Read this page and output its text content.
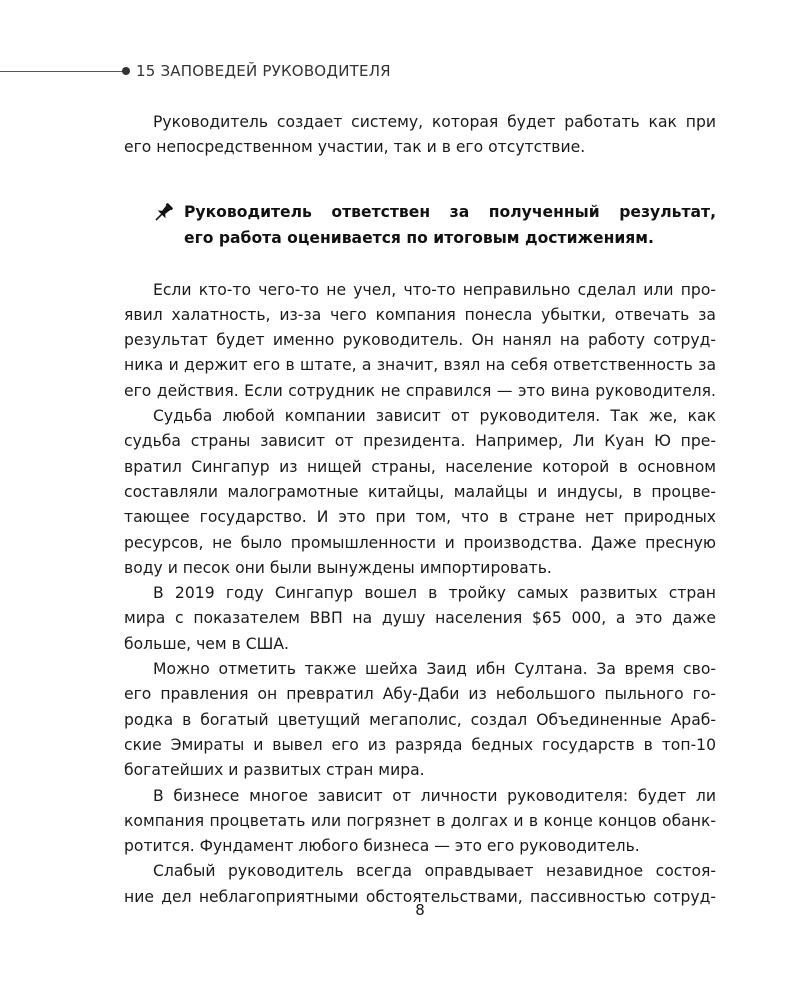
15 ЗАПОВЕДЕЙ РУКОВОДИТЕЛЯ
Руководитель создает систему, которая будет работать как при
его непосредственном участии, так и в его отсутствие.
Руководитель ответствен за полученный результат,
его работа оценивается по итоговым достижениям.
Если кто-то чего-то не учел, что-то неправильно сделал или про-
явил халатность, из-за чего компания понесла убытки, отвечать за
результат будет именно руководитель. Он нанял на работу сотруд-
ника и держит его в штате, а значит, взял на себя ответственность за
его действия. Если сотрудник не справился — это вина руководителя.
Судьба любой компании зависит от руководителя. Так же, как
судьба страны зависит от президента. Например, Ли Куан Ю пре-
вратил Сингапур из нищей страны, население которой в основном
составляли малограмотные китайцы, малайцы и индусы, в процве-
тающее государство. И это при том, что в стране нет природных
ресурсов, не было промышленности и производства. Даже пресную
воду и песок они были вынуждены импортировать.
В 2019 году Сингапур вошел в тройку самых развитых стран
мира с показателем ВВП на душу населения $65 000, а это даже
больше, чем в США.
Можно отметить также шейха Заид ибн Султана. За время сво-
его правления он превратил Абу-Даби из небольшого пыльного го-
родка в богатый цветущий мегаполис, создал Объединенные Араб-
ские Эмираты и вывел его из разряда бедных государств в топ-10
богатейших и развитых стран мира.
В бизнесе многое зависит от личности руководителя: будет ли
компания процветать или погрязнет в долгах и в конце концов обанк-
ротится. Фундамент любого бизнеса — это его руководитель.
Слабый руководитель всегда оправдывает незавидное состоя-
ние дел неблагоприятными обстоятельствами, пассивностью сотруд-
8
